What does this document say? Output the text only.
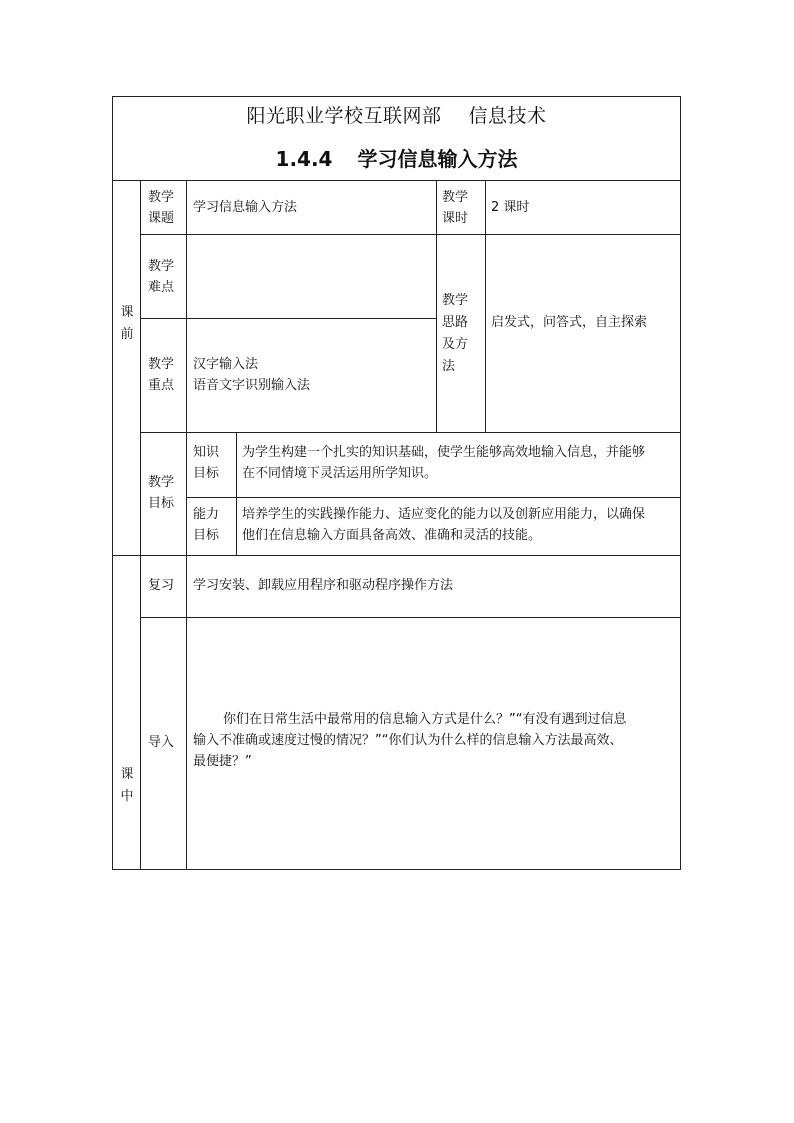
阳光职业学校互联网部 信息技术
1.4.4 学习信息输入方法
课
前
课
中
教学
课题
学习信息输入方法
教学
课时
2 课时
教学
难点
教学
重点
汉字输入法
语音文字识别输入法
教学
思路
及方
法
启发式，问答式，自主探索
教学
目标
知识
目标
为学生构建一个扎实的知识基础，使学生能够高效地输入信息，并能够
在不同情境下灵活运用所学知识。
能力
目标
培养学生的实践操作能力、适应变化的能力以及创新应用能力，以确保
他们在信息输入方面具备高效、准确和灵活的技能。
复习 学习安装、卸载应用程序和驱动程序操作方法
导入
你们在日常生活中最常用的信息输入方式是什么？”“有没有遇到过信息
输入不准确或速度过慢的情况？”“你们认为什么样的信息输入方法最高效、
最便捷？”
